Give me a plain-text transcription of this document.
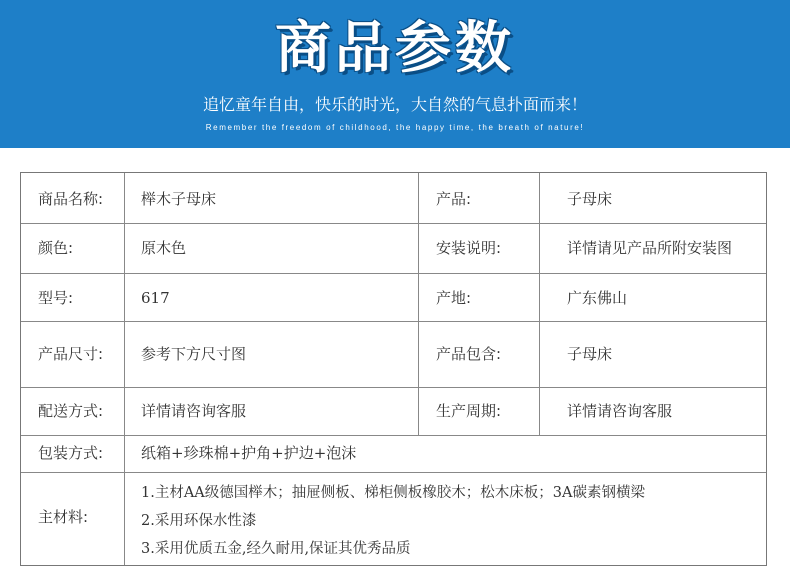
商品参数
追忆童年自由，快乐的时光，大自然的气息扑面而来！
Remember the freedom of childhood, the happy time, the breath of nature!
商品名称:	榉木子母床	产品:	子母床
颜色:	原木色	安装说明:	详情请见产品所附安装图
型号:	617	产地:	广东佛山
产品尺寸:	参考下方尺寸图	产品包含:	子母床
配送方式:	详情请咨询客服	生产周期:	详情请咨询客服
包装方式:	纸箱+珍珠棉+护角+护边+泡沫
主材料:
1.主材AA级德国榉木；抽屉侧板、梯柜侧板橡胶木；松木床板；3A碳素钢横梁
2.采用环保水性漆
3.采用优质五金,经久耐用,保证其优秀品质
